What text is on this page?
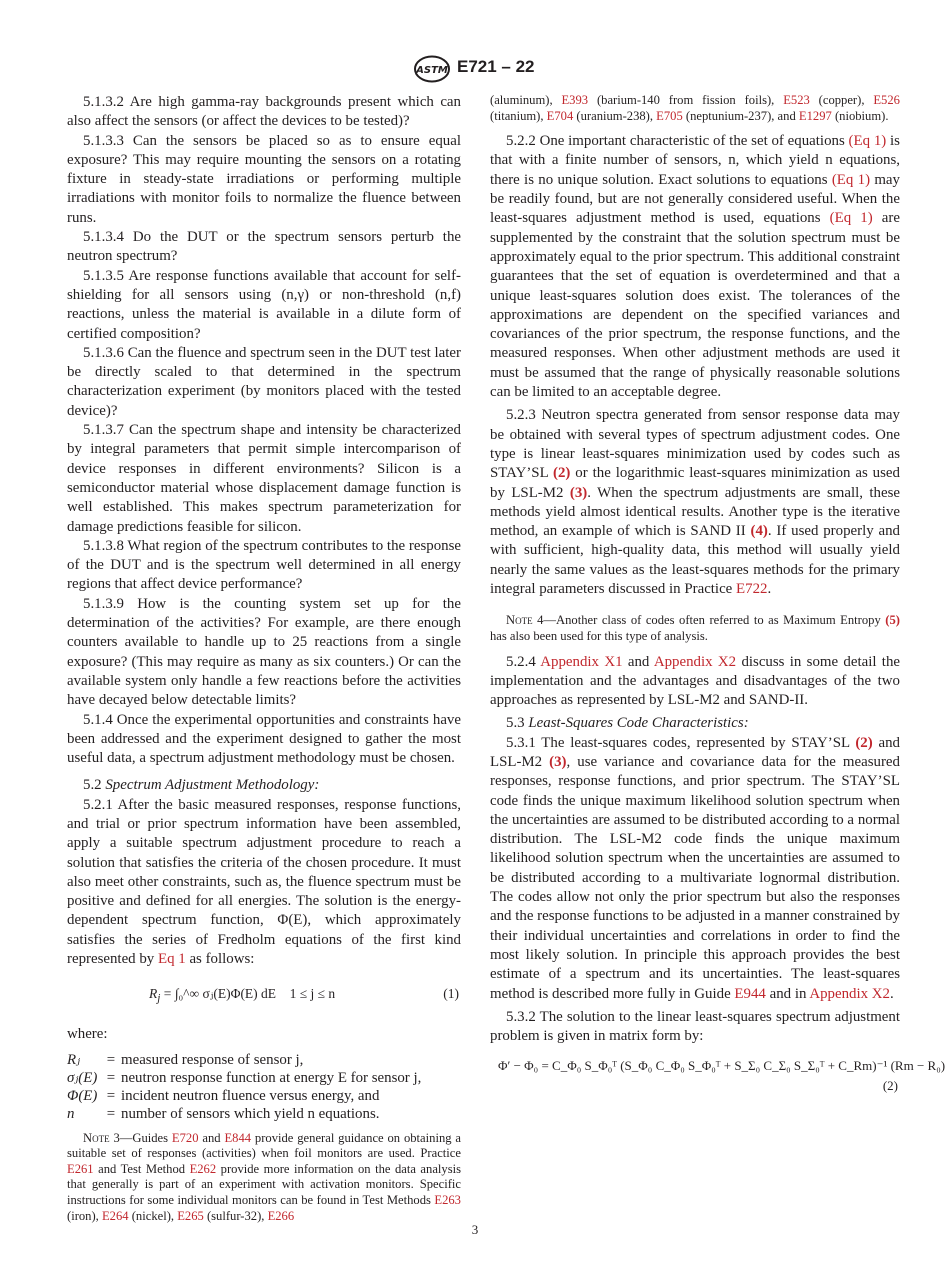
ASTM E721 – 22

5.1.3.2 Are high gamma-ray backgrounds present which can also affect the sensors (or affect the devices to be tested)?

5.1.3.3 Can the sensors be placed so as to ensure equal exposure? This may require mounting the sensors on a rotating fixture in steady-state irradiations or performing multiple irradiations with monitor foils to normalize the fluence between runs.

5.1.3.4 Do the DUT or the spectrum sensors perturb the neutron spectrum?

5.1.3.5 Are response functions available that account for self-shielding for all sensors using (n,γ) or non-threshold (n,f) reactions, unless the material is available in a dilute form of certified composition?

5.1.3.6 Can the fluence and spectrum seen in the DUT test later be directly scaled to that determined in the spectrum characterization experiment (by monitors placed with the tested device)?

5.1.3.7 Can the spectrum shape and intensity be characterized by integral parameters that permit simple intercomparison of device responses in different environments? Silicon is a semiconductor material whose displacement damage function is well established. This makes spectrum parameterization for damage predictions feasible for silicon.

5.1.3.8 What region of the spectrum contributes to the response of the DUT and is the spectrum well determined in all energy regions that affect device performance?

5.1.3.9 How is the counting system set up for the determination of the activities? For example, are there enough counters available to handle up to 25 reactions from a single exposure? (This may require as many as six counters.) Or can the available system only handle a few reactions before the activities have decayed below detectable limits?

5.1.4 Once the experimental opportunities and constraints have been addressed and the experiment designed to gather the most useful data, a spectrum adjustment methodology must be chosen.

5.2 Spectrum Adjustment Methodology:

5.2.1 After the basic measured responses, response functions, and trial or prior spectrum information have been assembled, apply a suitable spectrum adjustment procedure to reach a solution that satisfies the criteria of the chosen procedure. It must also meet other constraints, such as, the fluence spectrum must be positive and defined for all energies. The solution is the energy-dependent spectrum function, Φ(E), which approximately satisfies the series of Fredholm equations of the first kind represented by Eq 1 as follows:

$R_j$ = ∫₀^∞ σⱼ(E)Φ(E) dE 1 ≤ j ≤ n	(1)

where:

Rⱼ	= measured response of sensor j,
σⱼ(E) = neutron response function at energy E for sensor j,
Φ(E) = incident neutron fluence versus energy, and
n	= number of sensors which yield n equations.

Note 3—Guides E720 and E844 provide general guidance on obtaining a suitable set of responses (activities) when foil monitors are used. Practice E261 and Test Method E262 provide more information on the data analysis that generally is part of an experiment with activation monitors. Specific instructions for some individual monitors can be found in Test Methods E263 (iron), E264 (nickel), E265 (sulfur-32), E266

(aluminum), E393 (barium-140 from fission foils), E523 (copper), E526 (titanium), E704 (uranium-238), E705 (neptunium-237), and E1297 (niobium).

5.2.2 One important characteristic of the set of equations (Eq 1) is that with a finite number of sensors, n, which yield n equations, there is no unique solution. Exact solutions to equations (Eq 1) may be readily found, but are not generally considered useful. When the least-squares adjustment method is used, equations (Eq 1) are supplemented by the constraint that the solution spectrum must be approximately equal to the prior spectrum. This additional constraint guarantees that the set of equation is overdetermined and that a unique least-squares solution does exist. The tolerances of the approximations are dependent on the specified variances and covariances of the prior spectrum, the response functions, and the measured responses. When other adjustment methods are used it must be assumed that the range of physically reasonable solutions can be limited to an acceptable degree.

5.2.3 Neutron spectra generated from sensor response data may be obtained with several types of spectrum adjustment codes. One type is linear least-squares minimization used by codes such as STAY’SL (2) or the logarithmic least-squares minimization as used by LSL-M2 (3). When the spectrum adjustments are small, these methods yield almost identical results. Another type is the iterative method, an example of which is SAND II (4). If used properly and with sufficient, high-quality data, this method will usually yield nearly the same values as the least-squares methods for the primary integral parameters discussed in Practice E722.

Note 4—Another class of codes often referred to as Maximum Entropy (5) has also been used for this type of analysis.

5.2.4 Appendix X1 and Appendix X2 discuss in some detail the implementation and the advantages and disadvantages of the two approaches as represented by LSL-M2 and SAND-II.

5.3 Least-Squares Code Characteristics:

5.3.1 The least-squares codes, represented by STAY’SL (2) and LSL-M2 (3), use variance and covariance data for the measured responses, response functions, and prior spectrum. The STAY’SL code finds the unique maximum likelihood solution spectrum when the uncertainties are assumed to be distributed according to a normal distribution. The LSL-M2 code finds the unique maximum likelihood solution spectrum when the uncertainties are assumed to be distributed according to a multivariate lognormal distribution. The codes allow not only the prior spectrum but also the responses and the response functions to be adjusted in a manner constrained by their individual uncertainties and correlations in order to find the most likely solution. In principle this approach provides the best estimate of a spectrum and its uncertainties. The least-squares method is described more fully in Guide E944 and in Appendix X2.

5.3.2 The solution to the linear least-squares spectrum adjustment problem is given in matrix form by:

Φ′ − Φ₀ = C_Φ₀ S_Φ₀ᵀ (S_Φ₀ C_Φ₀ S_Φ₀ᵀ + S_Σ₀ C_Σ₀ S_Σ₀ᵀ + C_Rm)⁻¹ (Rm − R₀)
(2)
3
